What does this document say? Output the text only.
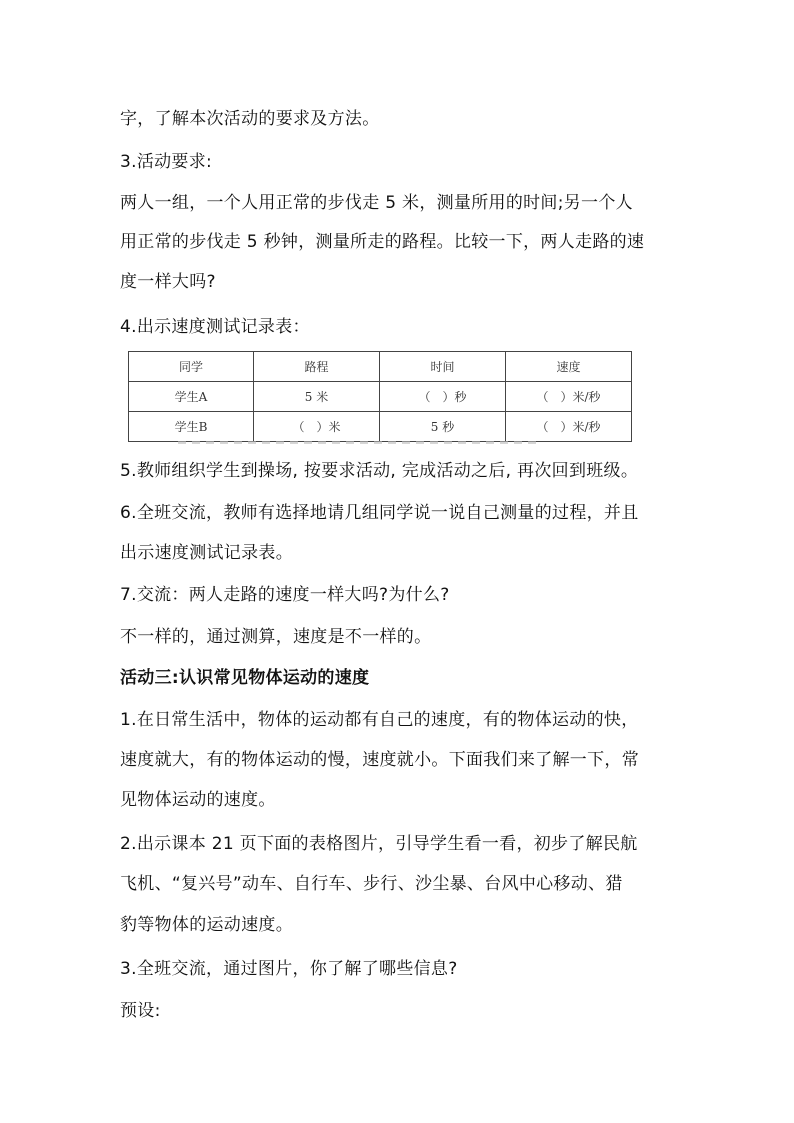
字，了解本次活动的要求及方法。
3.活动要求:
两人一组，一个人用正常的步伐走 5 米，测量所用的时间;另一个人
用正常的步伐走 5 秒钟，测量所走的路程。比较一下，两人走路的速
度一样大吗?
4.出示速度测试记录表：
同学	路程	时间	速度
学生A	5 米	（　）秒	（　）米/秒
学生B	（　）米	5 秒	（　）米/秒
5.教师组织学生到操场, 按要求活动, 完成活动之后, 再次回到班级。
6.全班交流，教师有选择地请几组同学说一说自己测量的过程，并且
出示速度测试记录表。
7.交流：两人走路的速度一样大吗?为什么?
不一样的，通过测算，速度是不一样的。
活动三:认识常见物体运动的速度
1.在日常生活中，物体的运动都有自己的速度，有的物体运动的快，
速度就大，有的物体运动的慢，速度就小。下面我们来了解一下，常
见物体运动的速度。
2.出示课本 21 页下面的表格图片，引导学生看一看，初步了解民航
飞机、“复兴号”动车、自行车、步行、沙尘暴、台风中心移动、猎
豹等物体的运动速度。
3.全班交流，通过图片，你了解了哪些信息?
预设:
